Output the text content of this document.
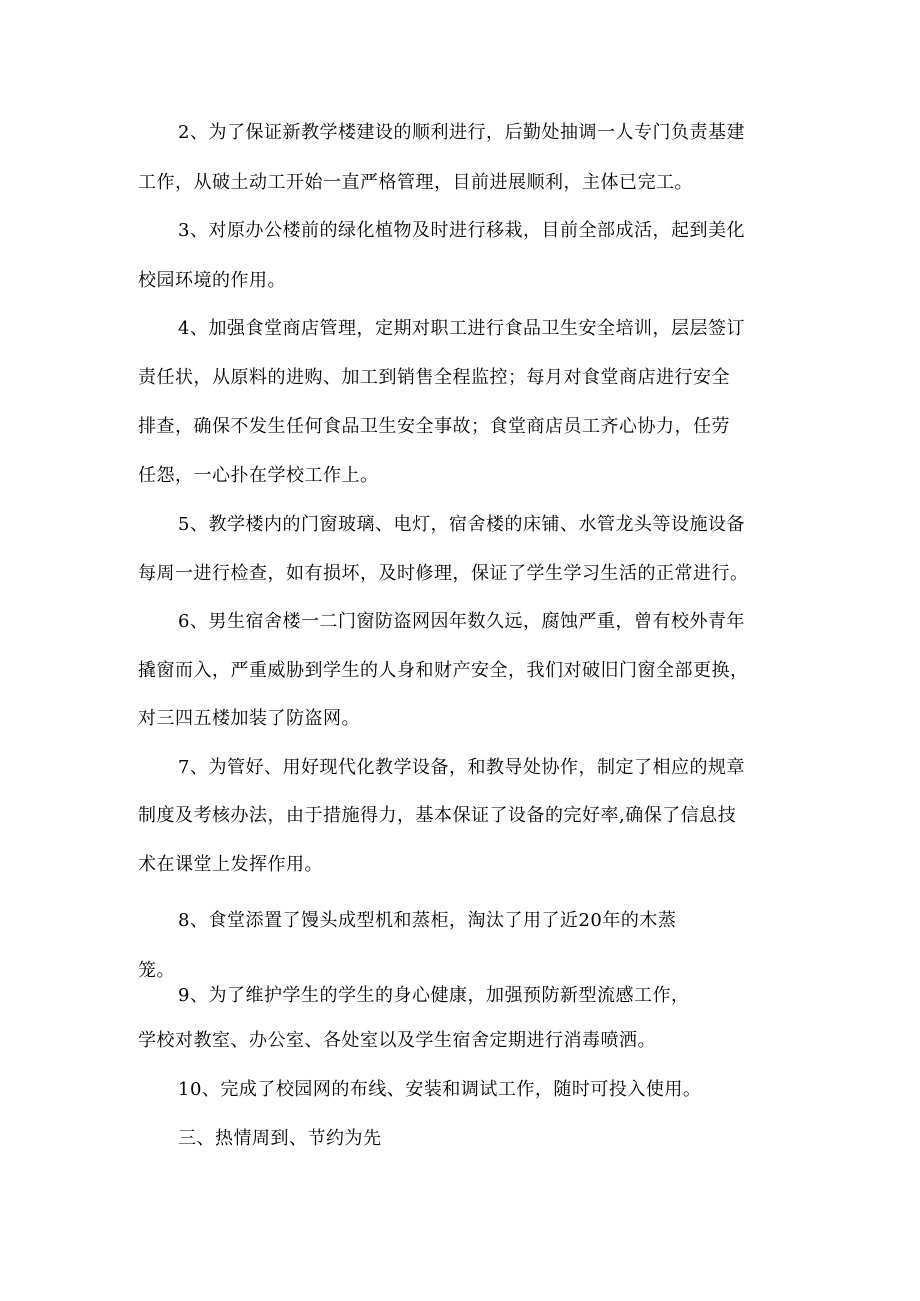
2、为了保证新教学楼建设的顺利进行，后勤处抽调一人专门负责基建
工作，从破土动工开始一直严格管理，目前进展顺利，主体已完工。
3、对原办公楼前的绿化植物及时进行移栽，目前全部成活，起到美化
校园环境的作用。
4、加强食堂商店管理，定期对职工进行食品卫生安全培训，层层签订
责任状，从原料的进购、加工到销售全程监控；每月对食堂商店进行安全
排查，确保不发生任何食品卫生安全事故；食堂商店员工齐心协力，任劳
任怨，一心扑在学校工作上。
5、教学楼内的门窗玻璃、电灯，宿舍楼的床铺、水管龙头等设施设备
每周一进行检查，如有损坏，及时修理，保证了学生学习生活的正常进行。
6、男生宿舍楼一二门窗防盗网因年数久远，腐蚀严重，曾有校外青年
撬窗而入，严重威胁到学生的人身和财产安全，我们对破旧门窗全部更换，
对三四五楼加装了防盗网。
7、为管好、用好现代化教学设备，和教导处协作，制定了相应的规章
制度及考核办法，由于措施得力，基本保证了设备的完好率,确保了信息技
术在课堂上发挥作用。
8、食堂添置了馒头成型机和蒸柜，淘汰了用了近20年的木蒸
笼。
9、为了维护学生的学生的身心健康，加强预防新型流感工作，
学校对教室、办公室、各处室以及学生宿舍定期进行消毒喷洒。
10、完成了校园网的布线、安装和调试工作，随时可投入使用。
三、热情周到、节约为先
